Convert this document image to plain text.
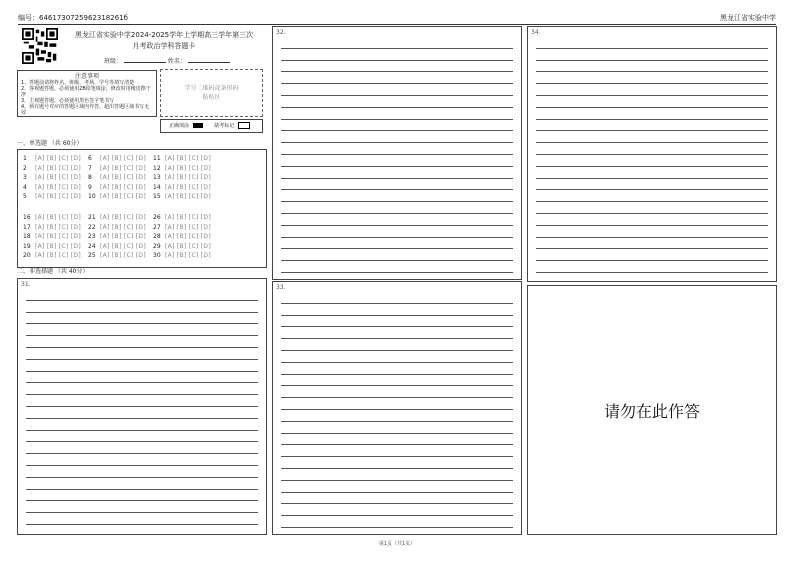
编号：6461730725962318261б	黑龙江省实验中学
黑龙江省实验中学2024-2025学年上学期高三学年第三次
月考政治学科答题卡
班级：	姓名：
注意事项
1、答题前请将姓名、班级、考场、学号等填写清楚
2、客观题答题，必须使用2B铅笔填涂，修改时用橡皮擦干净
3、主观题答题，必须使用黑色签字笔书写
4、须在题号对应的答题区域内作答，超出答题区域书写无效
学号二维码或条形码
粘贴区
正确填涂	缺考标记
一、单选题 （共 60分）
1	[A] [B] [C] [D]
2	[A] [B] [C] [D]
3	[A] [B] [C] [D]
4	[A] [B] [C] [D]
5	[A] [B] [C] [D]
6	[A] [B] [C] [D]
7	[A] [B] [C] [D]
8	[A] [B] [C] [D]
9	[A] [B] [C] [D]
10 [A] [B] [C] [D]
11 [A] [B] [C] [D]
12 [A] [B] [C] [D]
13 [A] [B] [C] [D]
14 [A] [B] [C] [D]
15 [A] [B] [C] [D]
16 [A] [B] [C] [D]
17 [A] [B] [C] [D]
18 [A] [B] [C] [D]
19 [A] [B] [C] [D]
20 [A] [B] [C] [D]
21 [A] [B] [C] [D]
22 [A] [B] [C] [D]
23 [A] [B] [C] [D]
24 [A] [B] [C] [D]
25 [A] [B] [C] [D]
26 [A] [B] [C] [D]
27 [A] [B] [C] [D]
28 [A] [B] [C] [D]
29 [A] [B] [C] [D]
30 [A] [B] [C] [D]
二、非选择题 （共 40分）
31.
32.
33.
34.
请勿在此作答
第1页（共1页）
